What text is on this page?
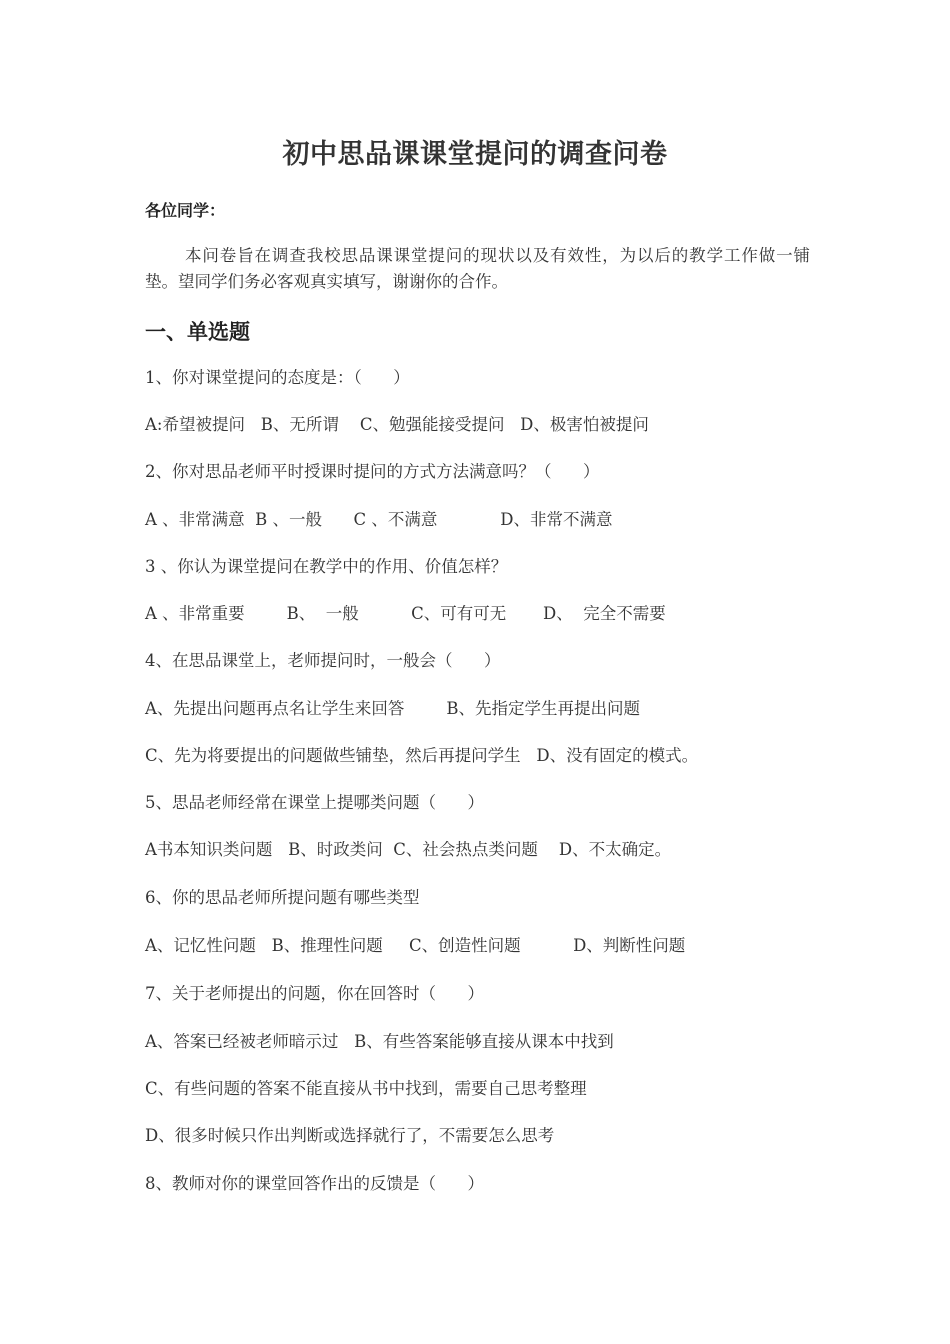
初中思品课课堂提问的调查问卷
各位同学：
本问卷旨在调查我校思品课课堂提问的现状以及有效性，为以后的教学工作做一铺垫。望同学们务必客观真实填写，谢谢你的合作。
一、单选题
1、你对课堂提问的态度是：（      ）
A:希望被提问   B、无所谓    C、勉强能接受提问   D、极害怕被提问
2、你对思品老师平时授课时提问的方式方法满意吗？（      ）
A 、非常满意  B 、一般      C 、不满意            D、非常不满意
3 、你认为课堂提问在教学中的作用、价值怎样？
A 、非常重要        B、  一般          C、可有可无       D、  完全不需要
4、在思品课堂上，老师提问时，一般会（      ）
A、先提出问题再点名让学生来回答        B、先指定学生再提出问题
C、先为将要提出的问题做些铺垫，然后再提问学生   D、没有固定的模式。
5、思品老师经常在课堂上提哪类问题（      ）
A书本知识类问题   B、时政类问  C、社会热点类问题    D、不太确定。
6、你的思品老师所提问题有哪些类型
A、记忆性问题   B、推理性问题     C、创造性问题          D、判断性问题
7、关于老师提出的问题，你在回答时（      ）
A、答案已经被老师暗示过   B、有些答案能够直接从课本中找到
C、有些问题的答案不能直接从书中找到，需要自己思考整理
D、很多时候只作出判断或选择就行了，不需要怎么思考
8、教师对你的课堂回答作出的反馈是（      ）
